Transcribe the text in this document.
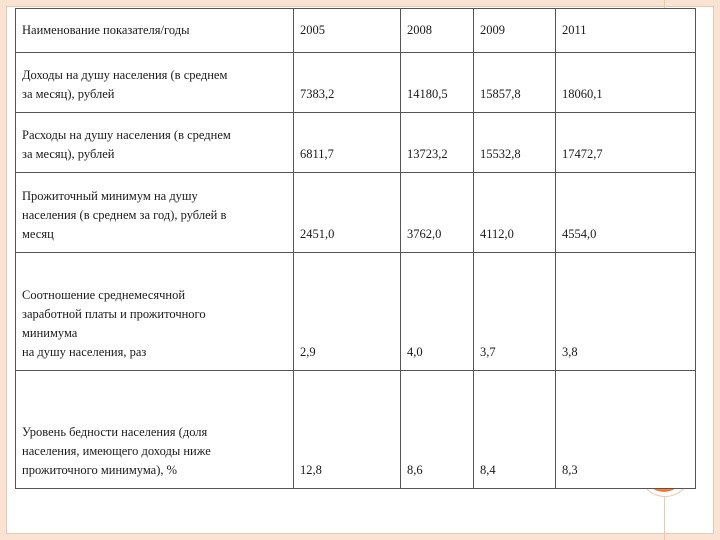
Наименование показателя/годы	2005	2008	2009	2011
Доходы на душу населения (в среднем
за месяц), рублей	7383,2	14180,5	15857,8	18060,1
Расходы на душу населения (в среднем
за месяц), рублей	6811,7	13723,2	15532,8	17472,7
Прожиточный минимум на душу
населения (в среднем за год), рублей в
месяц	2451,0	3762,0	4112,0	4554,0
Соотношение среднемесячной
заработной платы и прожиточного
минимума
на душу населения, раз	2,9	4,0	3,7	3,8
Уровень бедности населения (доля
населения, имеющего доходы ниже
прожиточного минимума), %	12,8	8,6	8,4	8,3
